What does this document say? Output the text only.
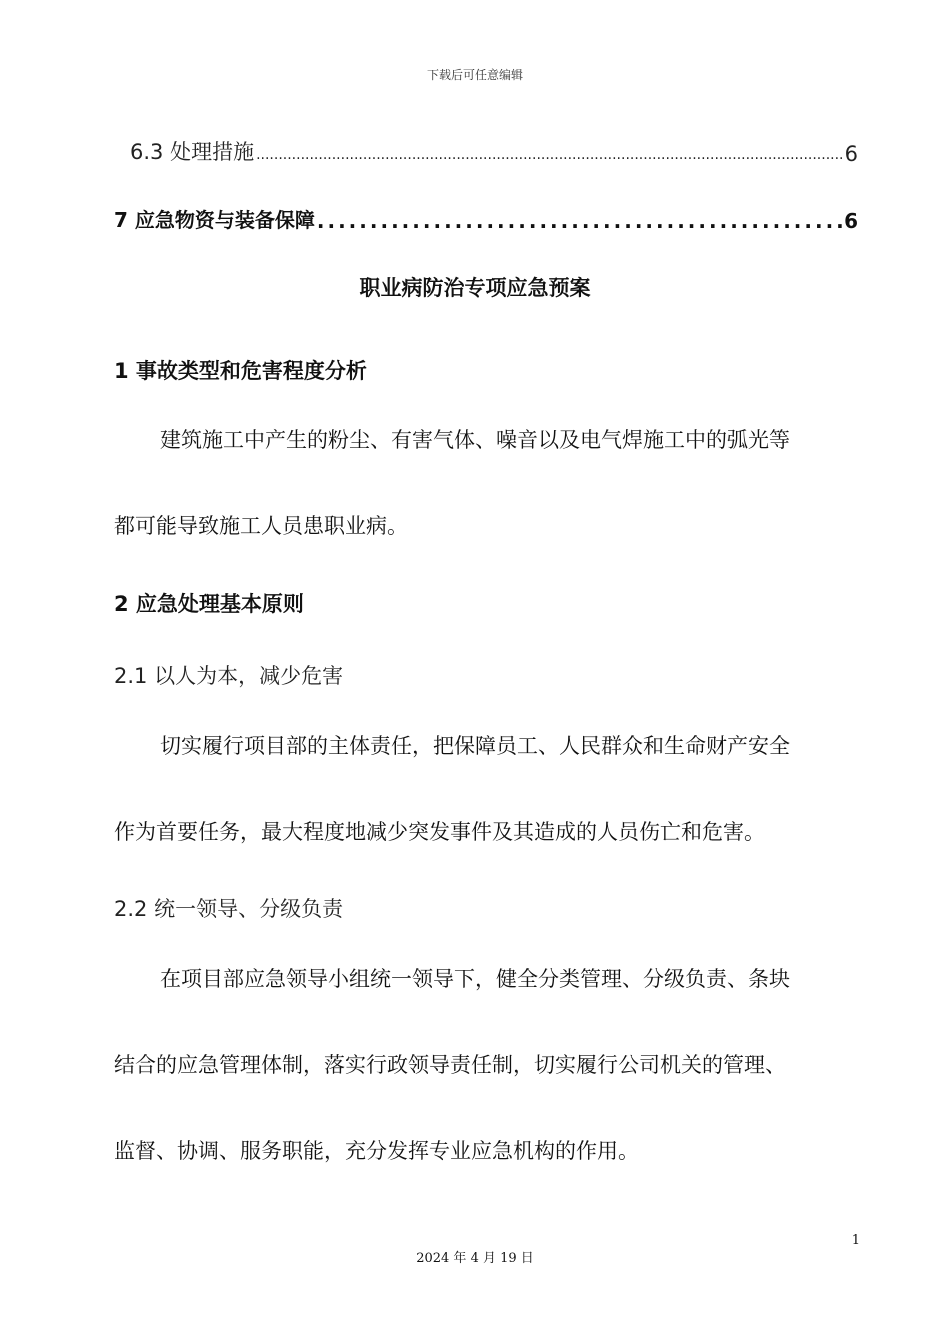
下载后可任意编辑
6.3 处理措施 .....	6
7 应急物资与装备保障 .....	6
职业病防治专项应急预案
1 事故类型和危害程度分析
建筑施工中产生的粉尘、有害气体、噪音以及电气焊施工中的弧光等
都可能导致施工人员患职业病。
2 应急处理基本原则
2.1 以人为本，减少危害
切实履行项目部的主体责任，把保障员工、人民群众和生命财产安全
作为首要任务，最大程度地减少突发事件及其造成的人员伤亡和危害。
2.2 统一领导、分级负责
在项目部应急领导小组统一领导下，健全分类管理、分级负责、条块
结合的应急管理体制，落实行政领导责任制，切实履行公司机关的管理、
监督、协调、服务职能，充分发挥专业应急机构的作用。
1
2024 年 4 月 19 日
